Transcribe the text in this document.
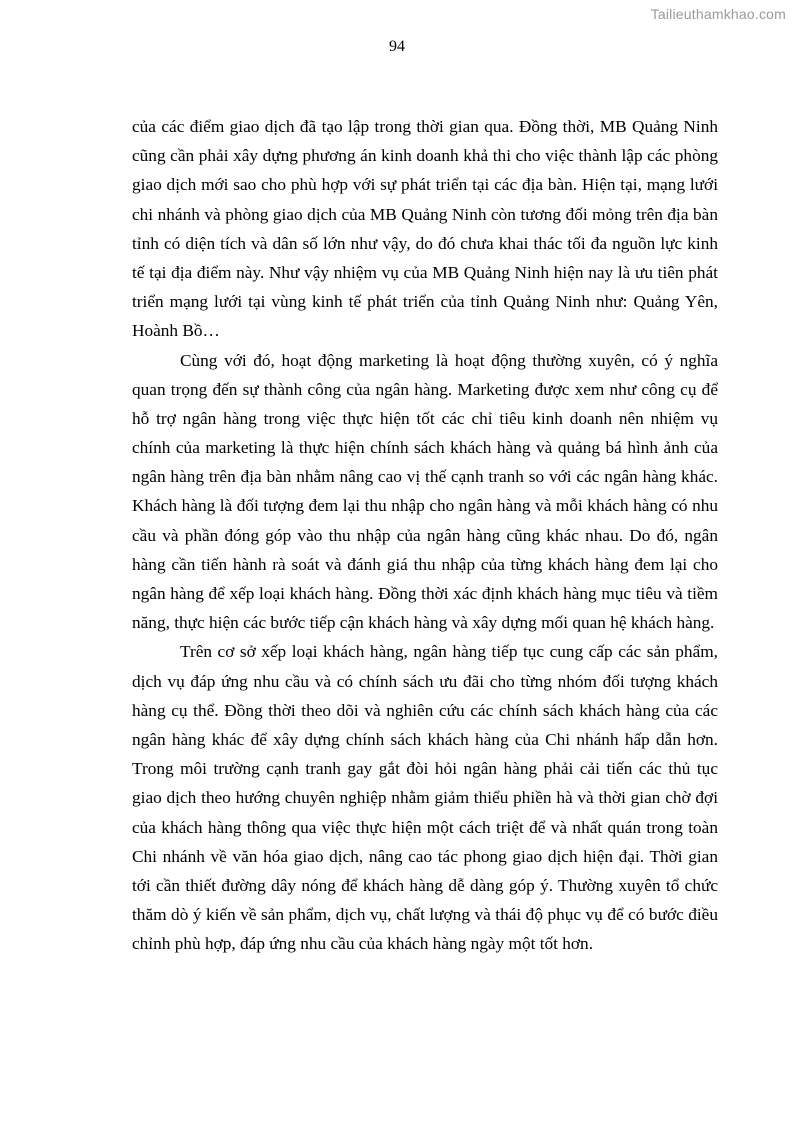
Tailieuthamkhao.com
94
của các điểm giao dịch đã tạo lập trong thời gian qua. Đồng thời, MB Quảng Ninh
cũng cần phải xây dựng phương án kinh doanh khả thi cho việc thành lập các phòng
giao dịch mới sao cho phù hợp với sự phát triển tại các địa bàn. Hiện tại, mạng lưới
chi nhánh và phòng giao dịch của MB Quảng Ninh còn tương đối mỏng trên địa bàn
tỉnh có diện tích và dân số lớn như vậy, do đó chưa khai thác tối đa nguồn lực kinh
tế tại địa điểm này. Như vậy nhiệm vụ của MB Quảng Ninh hiện nay là ưu tiên phát
triển mạng lưới tại vùng kinh tế phát triển của tỉnh Quảng Ninh như: Quảng Yên,
Hoành Bồ…
Cùng với đó, hoạt động marketing là hoạt động thường xuyên, có ý nghĩa
quan trọng đến sự thành công của ngân hàng. Marketing được xem như công cụ để
hỗ trợ ngân hàng trong việc thực hiện tốt các chỉ tiêu kinh doanh nên nhiệm vụ
chính của marketing là thực hiện chính sách khách hàng và quảng bá hình ảnh của
ngân hàng trên địa bàn nhằm nâng cao vị thế cạnh tranh so với các ngân hàng khác.
Khách hàng là đối tượng đem lại thu nhập cho ngân hàng và mỗi khách hàng có nhu
cầu và phần đóng góp vào thu nhập của ngân hàng cũng khác nhau. Do đó, ngân
hàng cần tiến hành rà soát và đánh giá thu nhập của từng khách hàng đem lại cho
ngân hàng để xếp loại khách hàng. Đồng thời xác định khách hàng mục tiêu và tiềm
năng, thực hiện các bước tiếp cận khách hàng và xây dựng mối quan hệ khách hàng.
Trên cơ sở xếp loại khách hàng, ngân hàng tiếp tục cung cấp các sản phẩm,
dịch vụ đáp ứng nhu cầu và có chính sách ưu đãi cho từng nhóm đối tượng khách
hàng cụ thể. Đồng thời theo dõi và nghiên cứu các chính sách khách hàng của các
ngân hàng khác để xây dựng chính sách khách hàng của Chi nhánh hấp dẫn hơn.
Trong môi trường cạnh tranh gay gắt đòi hỏi ngân hàng phải cải tiến các thủ tục
giao dịch theo hướng chuyên nghiệp nhằm giảm thiểu phiền hà và thời gian chờ đợi
của khách hàng thông qua việc thực hiện một cách triệt để và nhất quán trong toàn
Chi nhánh về văn hóa giao dịch, nâng cao tác phong giao dịch hiện đại. Thời gian
tới cần thiết đường dây nóng để khách hàng dễ dàng góp ý. Thường xuyên tổ chức
thăm dò ý kiến về sản phẩm, dịch vụ, chất lượng và thái độ phục vụ để có bước điều
chỉnh phù hợp, đáp ứng nhu cầu của khách hàng ngày một tốt hơn.
